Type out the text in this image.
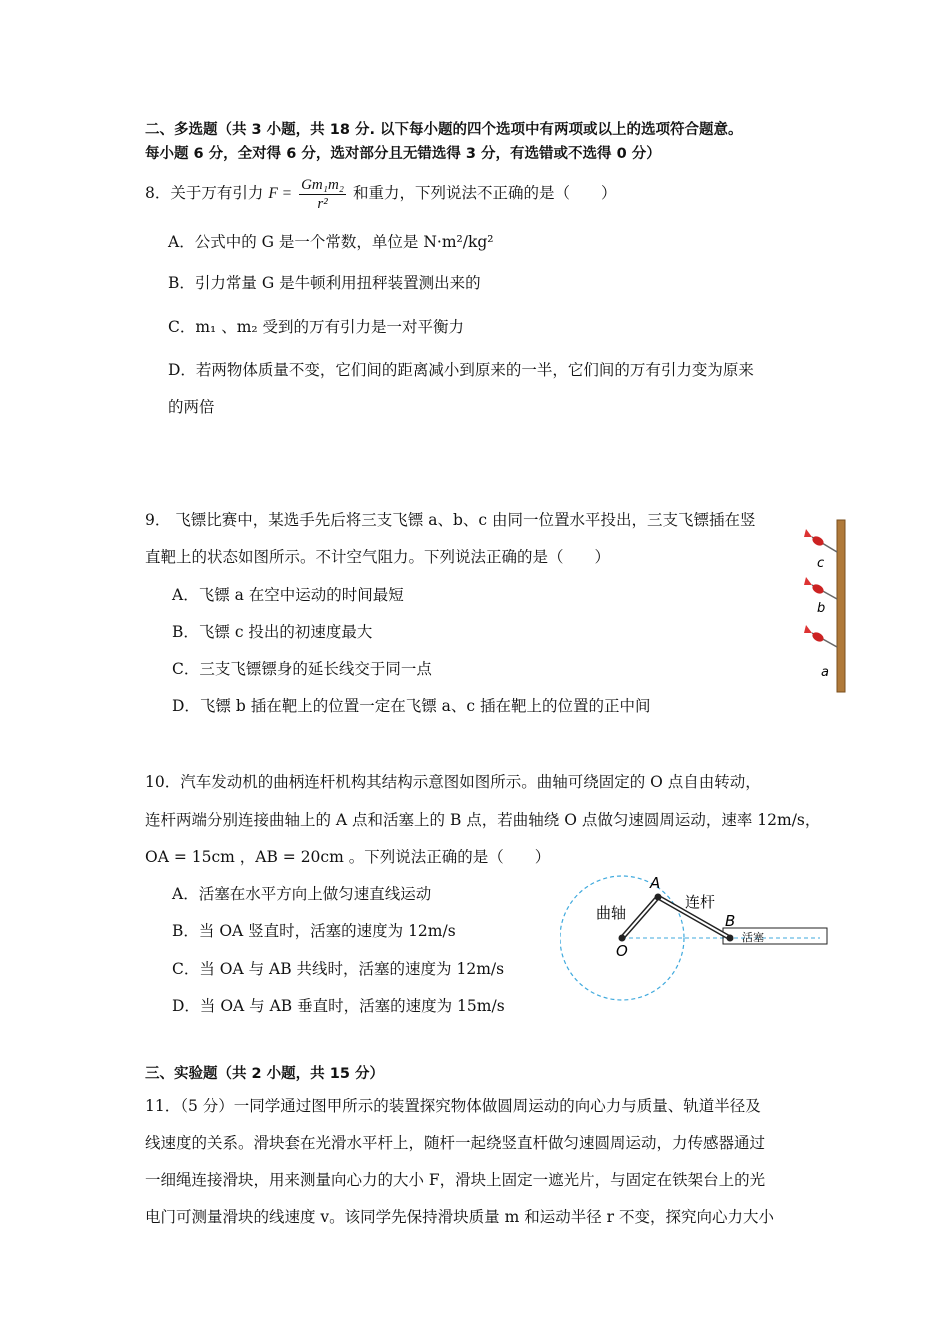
二、多选题（共 3 小题，共 18 分. 以下每小题的四个选项中有两项或以上的选项符合题意。
每小题 6 分，全对得 6 分，选对部分且无错选得 3 分，有选错或不选得 0 分）
8．关于万有引力 $F = \frac{\text{Gm₁m₂}}{\text{r²}}$ 和重力，下列说法不正确的是（　　）
A．公式中的 G 是一个常数，单位是 N·m²/kg²
B．引力常量 G 是牛顿利用扭秤装置测出来的
C．m₁ 、m₂ 受到的万有引力是一对平衡力
D．若两物体质量不变，它们间的距离减小到原来的一半，它们间的万有引力变为原来
的两倍
9． 飞镖比赛中，某选手先后将三支飞镖 a、b、c 由同一位置水平投出，三支飞镖插在竖
直靶上的状态如图所示。不计空气阻力。下列说法正确的是（　　）
A．飞镖 a 在空中运动的时间最短
B．飞镖 c 投出的初速度最大
C．三支飞镖镖身的延长线交于同一点
D．飞镖 b 插在靶上的位置一定在飞镖 a、c 插在靶上的位置的正中间
c
b
a
10．汽车发动机的曲柄连杆机构其结构示意图如图所示。曲轴可绕固定的 O 点自由转动，
连杆两端分别连接曲轴上的 A 点和活塞上的 B 点，若曲轴绕 O 点做匀速圆周运动，速率 12m/s，
OA = 15cm ，AB = 20cm 。下列说法正确的是（　　）
A．活塞在水平方向上做匀速直线运动
B．当 OA 竖直时，活塞的速度为 12m/s
C．当 OA 与 AB 共线时，活塞的速度为 12m/s
D．当 OA 与 AB 垂直时，活塞的速度为 15m/s
A
B
O
曲轴
连杆
活塞
三、实验题（共 2 小题，共 15 分）
11．（5 分）一同学通过图甲所示的装置探究物体做圆周运动的向心力与质量、轨道半径及
线速度的关系。滑块套在光滑水平杆上，随杆一起绕竖直杆做匀速圆周运动，力传感器通过
一细绳连接滑块，用来测量向心力的大小 F，滑块上固定一遮光片，与固定在铁架台上的光
电门可测量滑块的线速度 v。该同学先保持滑块质量 m 和运动半径 r 不变，探究向心力大小
